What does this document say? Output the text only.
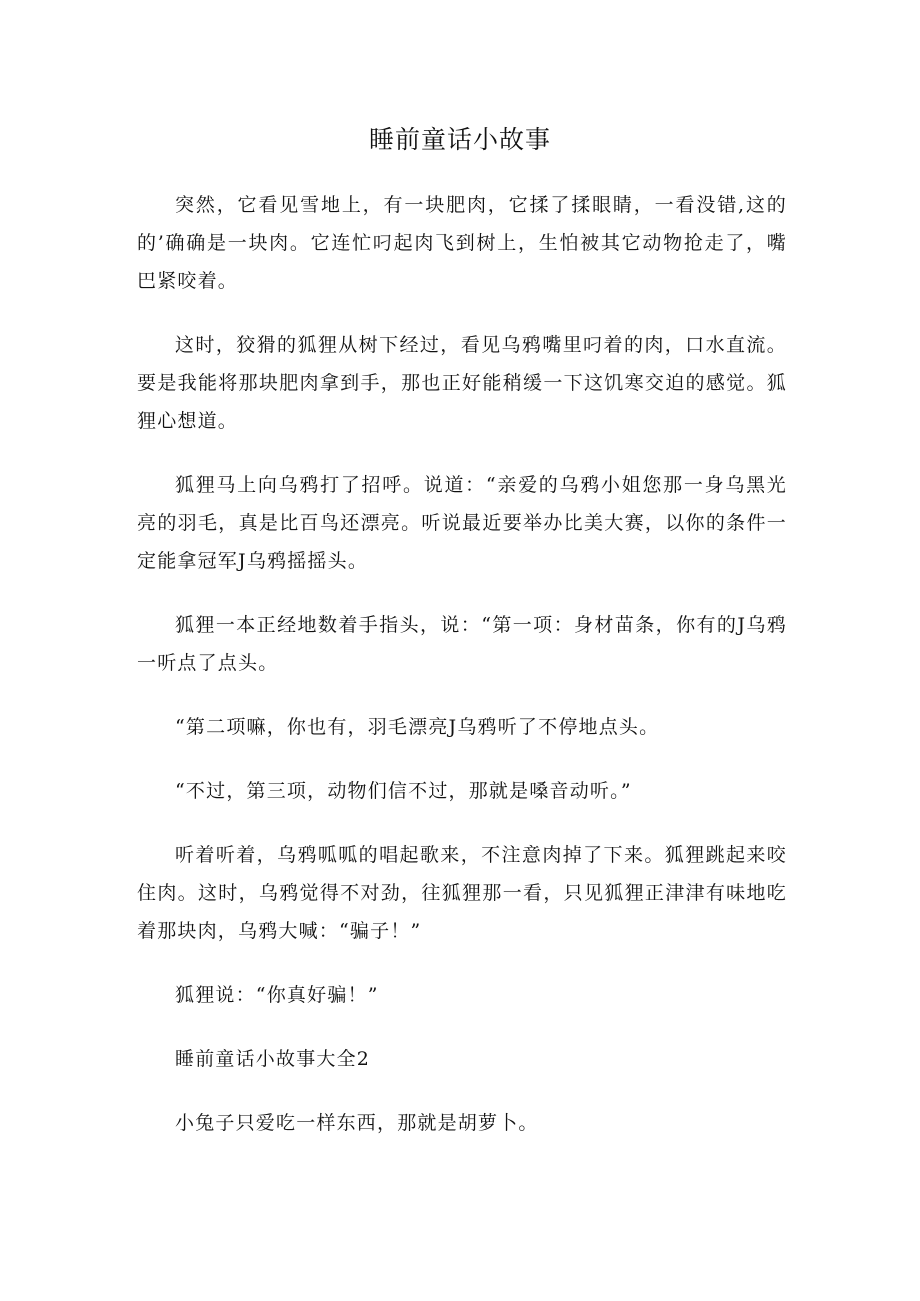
睡前童话小故事

突然，它看见雪地上，有一块肥肉，它揉了揉眼睛，一看没错,这的的’确确是一块肉。它连忙叼起肉飞到树上，生怕被其它动物抢走了，嘴巴紧咬着。

这时，狡猾的狐狸从树下经过，看见乌鸦嘴里叼着的肉，口水直流。要是我能将那块肥肉拿到手，那也正好能稍缓一下这饥寒交迫的感觉。狐狸心想道。

狐狸马上向乌鸦打了招呼。说道：“亲爱的乌鸦小姐您那一身乌黑光亮的羽毛，真是比百鸟还漂亮。听说最近要举办比美大赛，以你的条件一定能拿冠军J乌鸦摇摇头。

狐狸一本正经地数着手指头，说：“第一项：身材苗条，你有的J乌鸦一听点了点头。

“第二项嘛，你也有，羽毛漂亮J乌鸦听了不停地点头。

“不过，第三项，动物们信不过，那就是嗓音动听。”

听着听着，乌鸦呱呱的唱起歌来，不注意肉掉了下来。狐狸跳起来咬住肉。这时，乌鸦觉得不对劲，往狐狸那一看，只见狐狸正津津有味地吃着那块肉，乌鸦大喊：“骗子！”

狐狸说：“你真好骗！”

睡前童话小故事大全2

小兔子只爱吃一样东西，那就是胡萝卜。
